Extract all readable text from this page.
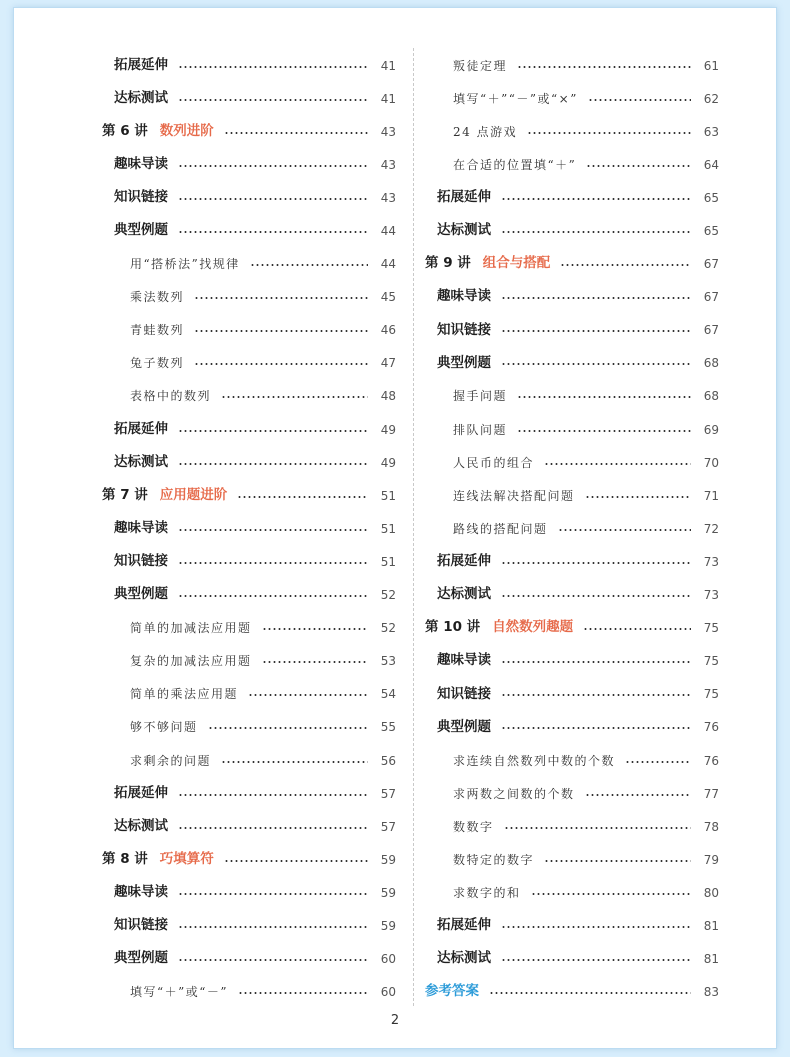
拓展延伸	41
达标测试	41
第 6 讲 数列进阶	43
趣味导读	43
知识链接	43
典型例题	44
用“搭桥法”找规律	44
乘法数列	45
青蛙数列	46
兔子数列	47
表格中的数列	48
拓展延伸	49
达标测试	49
第 7 讲 应用题进阶	51
趣味导读	51
知识链接	51
典型例题	52
简单的加减法应用题	52
复杂的加减法应用题	53
简单的乘法应用题	54
够不够问题	55
求剩余的问题	56
拓展延伸	57
达标测试	57
第 8 讲 巧填算符	59
趣味导读	59
知识链接	59
典型例题	60
填写“＋”或“－”	60
叛徒定理	61
填写“＋”“－”或“×”	62
24 点游戏	63
在合适的位置填“＋”	64
拓展延伸	65
达标测试	65
第 9 讲 组合与搭配	67
趣味导读	67
知识链接	67
典型例题	68
握手问题	68
排队问题	69
人民币的组合	70
连线法解决搭配问题	71
路线的搭配问题	72
拓展延伸	73
达标测试	73
第 10 讲 自然数列趣题	75
趣味导读	75
知识链接	75
典型例题	76
求连续自然数列中数的个数	76
求两数之间数的个数	77
数数字	78
数特定的数字	79
求数字的和	80
拓展延伸	81
达标测试	81
参考答案	83
2
